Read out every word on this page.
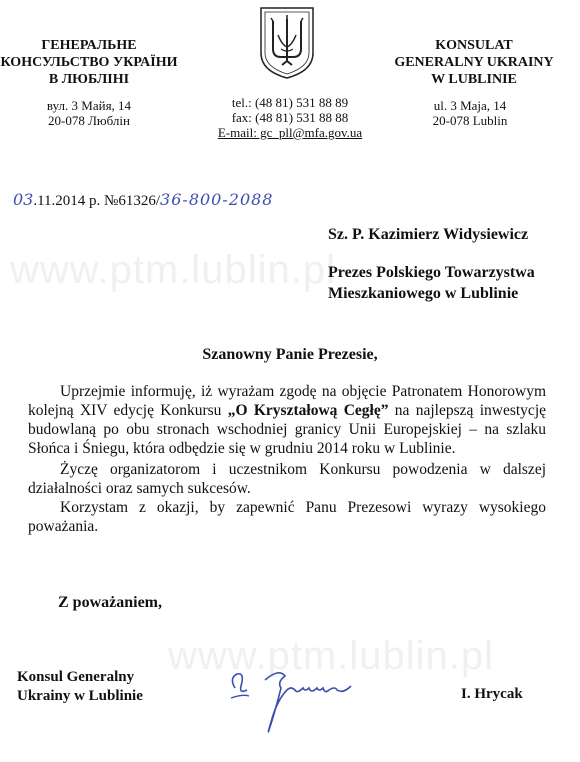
www.ptm.lublin.pl
www.ptm.lublin.pl
ГЕНЕРАЛЬНЕ
КОНСУЛЬСТВО УКРАЇНИ
В ЛЮБЛІНІ
вул. 3 Майя, 14
20-078 Люблін
tel.: (48 81) 531 88 89
fax: (48 81) 531 88 88
E-mail: gc_pll@mfa.gov.ua
KONSULAT
GENERALNY UKRAINY
W LUBLINIE
ul. 3 Maja, 14
20-078 Lublin
03.11.2014 р. №61326/36-800-2088
Sz. P. Kazimierz Widysiewicz
Prezes Polskiego Towarzystwa
Mieszkaniowego w Lublinie
Szanowny Panie Prezesie,
Uprzejmie informuję, iż wyrażam zgodę na objęcie Patronatem Honorowym kolejną XIV edycję Konkursu „O Kryształową Cegłę” na najlepszą inwestycję budowlaną po obu stronach wschodniej granicy Unii Europejskiej – na szlaku Słońca i Śniegu, która odbędzie się w grudniu 2014 roku w Lublinie.
Życzę organizatorom i uczestnikom Konkursu powodzenia w dalszej działalności oraz samych sukcesów.
Korzystam z okazji, by zapewnić Panu Prezesowi wyrazy wysokiego poważania.
Z poważaniem,
Konsul Generalny
Ukrainy w Lublinie	I. Hrycak
